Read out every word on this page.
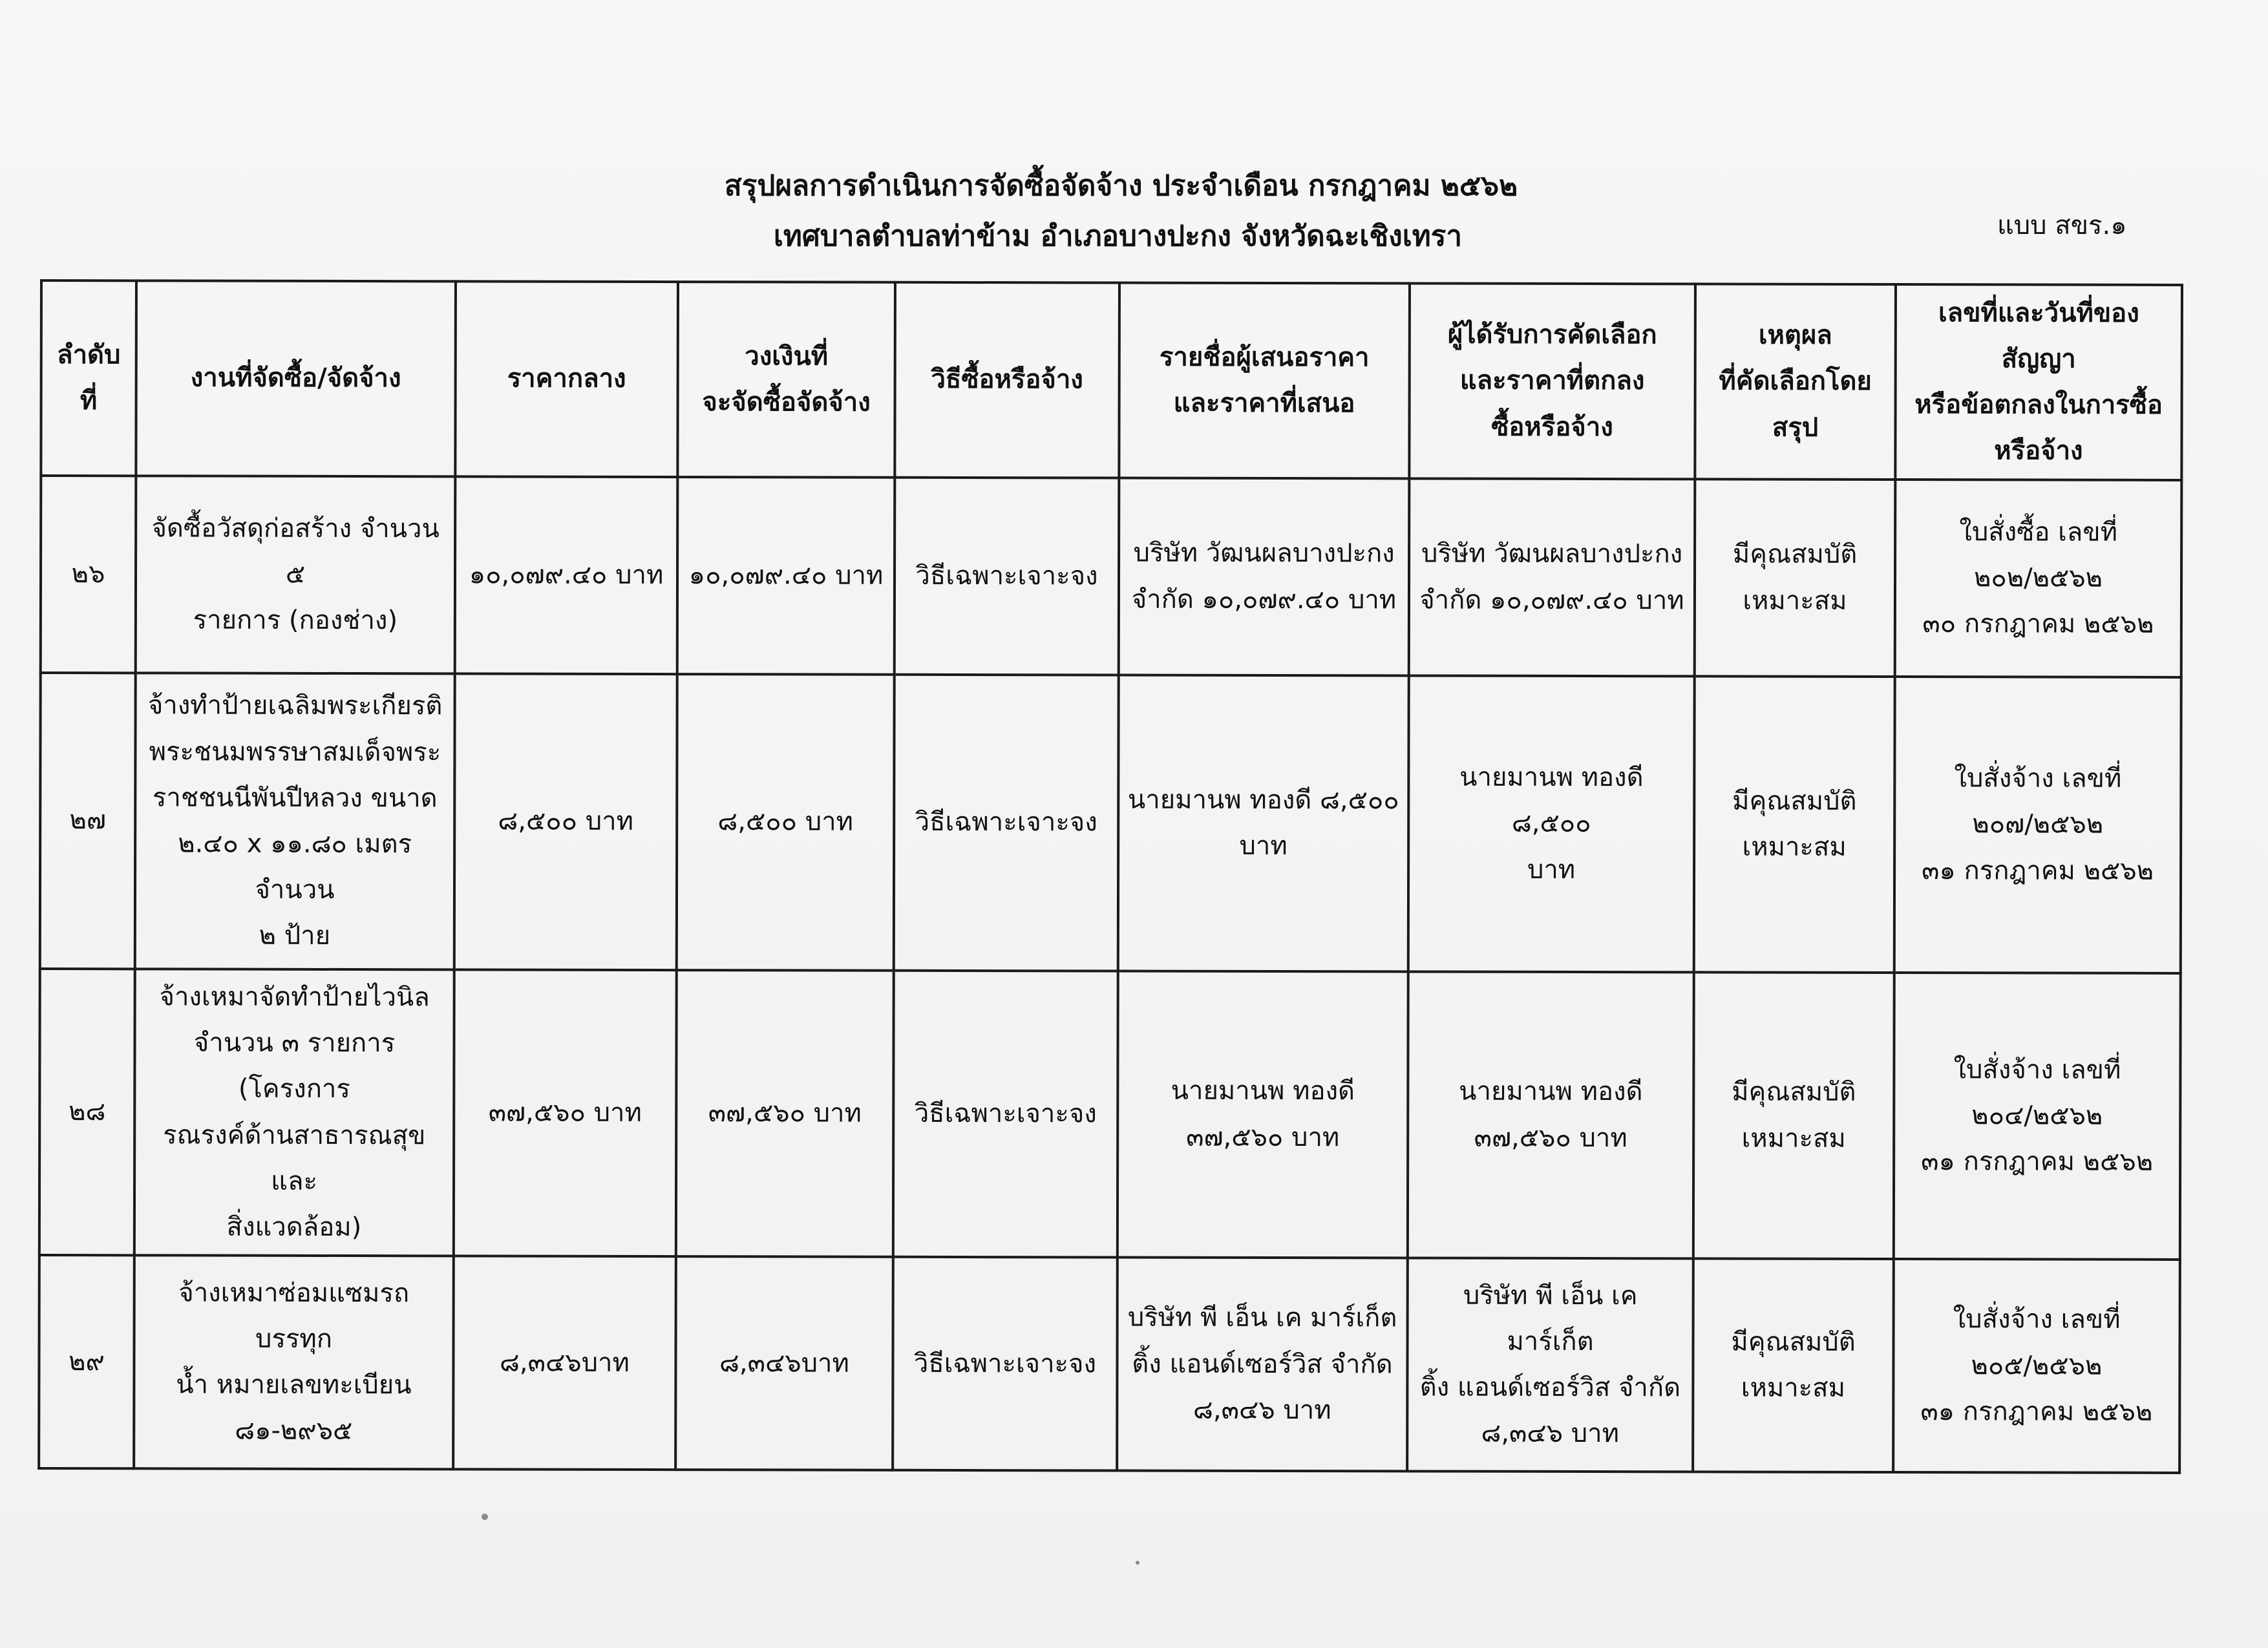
สรุปผลการดำเนินการจัดซื้อจัดจ้าง ประจำเดือน กรกฎาคม ๒๕๖๒
เทศบาลตำบลท่าข้าม อำเภอบางปะกง จังหวัดฉะเชิงเทรา	แบบ สขร.๑
ลำดับที่	งานที่จัดซื้อ/จัดจ้าง	ราคากลาง	วงเงินที่
จะจัดซื้อจัดจ้าง	วิธีซื้อหรือจ้าง	รายชื่อผู้เสนอราคา
และราคาที่เสนอ	ผู้ได้รับการคัดเลือก
และราคาที่ตกลง
ซื้อหรือจ้าง	เหตุผล
ที่คัดเลือกโดยสรุป	เลขที่และวันที่ของสัญญา
หรือข้อตกลงในการซื้อ
หรือจ้าง

๒๖	จัดซื้อวัสดุก่อสร้าง จำนวน ๕
รายการ (กองช่าง)	๑๐,๐๗๙.๔๐ บาท	๑๐,๐๗๙.๔๐ บาท	วิธีเฉพาะเจาะจง	บริษัท วัฒนผลบางปะกง
จำกัด ๑๐,๐๗๙.๔๐ บาท	บริษัท วัฒนผลบางปะกง
จำกัด ๑๐,๐๗๙.๔๐ บาท	มีคุณสมบัติ
เหมาะสม	ใบสั่งซื้อ เลขที่
๒๐๒/๒๕๖๒
๓๐ กรกฎาคม ๒๕๖๒

๒๗	จ้างทำป้ายเฉลิมพระเกียรติ
พระชนมพรรษาสมเด็จพระ
ราชชนนีพันปีหลวง ขนาด
๒.๔๐ x ๑๑.๘๐ เมตร จำนวน
๒ ป้าย	๘,๕๐๐ บาท	๘,๕๐๐ บาท	วิธีเฉพาะเจาะจง	นายมานพ ทองดี ๘,๕๐๐
บาท	นายมานพ ทองดี ๘,๕๐๐
บาท	มีคุณสมบัติ
เหมาะสม	ใบสั่งจ้าง เลขที่
๒๐๗/๒๕๖๒
๓๑ กรกฎาคม ๒๕๖๒

๒๘	จ้างเหมาจัดทำป้ายไวนิล
จำนวน ๓ รายการ (โครงการ
รณรงค์ด้านสาธารณสุขและ
สิ่งแวดล้อม)	๓๗,๕๖๐ บาท	๓๗,๕๖๐ บาท	วิธีเฉพาะเจาะจง	นายมานพ ทองดี
๓๗,๕๖๐ บาท	นายมานพ ทองดี
๓๗,๕๖๐ บาท	มีคุณสมบัติ
เหมาะสม	ใบสั่งจ้าง เลขที่
๒๐๔/๒๕๖๒
๓๑ กรกฎาคม ๒๕๖๒

๒๙	จ้างเหมาซ่อมแซมรถบรรทุก
น้ำ หมายเลขทะเบียน
๘๑-๒๙๖๕	๘,๓๔๖บาท	๘,๓๔๖บาท	วิธีเฉพาะเจาะจง	บริษัท พี เอ็น เค มาร์เก็ต
ติ้ง แอนด์เซอร์วิส จำกัด
๘,๓๔๖ บาท	บริษัท พี เอ็น เค มาร์เก็ต
ติ้ง แอนด์เซอร์วิส จำกัด
๘,๓๔๖ บาท	มีคุณสมบัติ
เหมาะสม	ใบสั่งจ้าง เลขที่
๒๐๕/๒๕๖๒
๓๑ กรกฎาคม ๒๕๖๒
